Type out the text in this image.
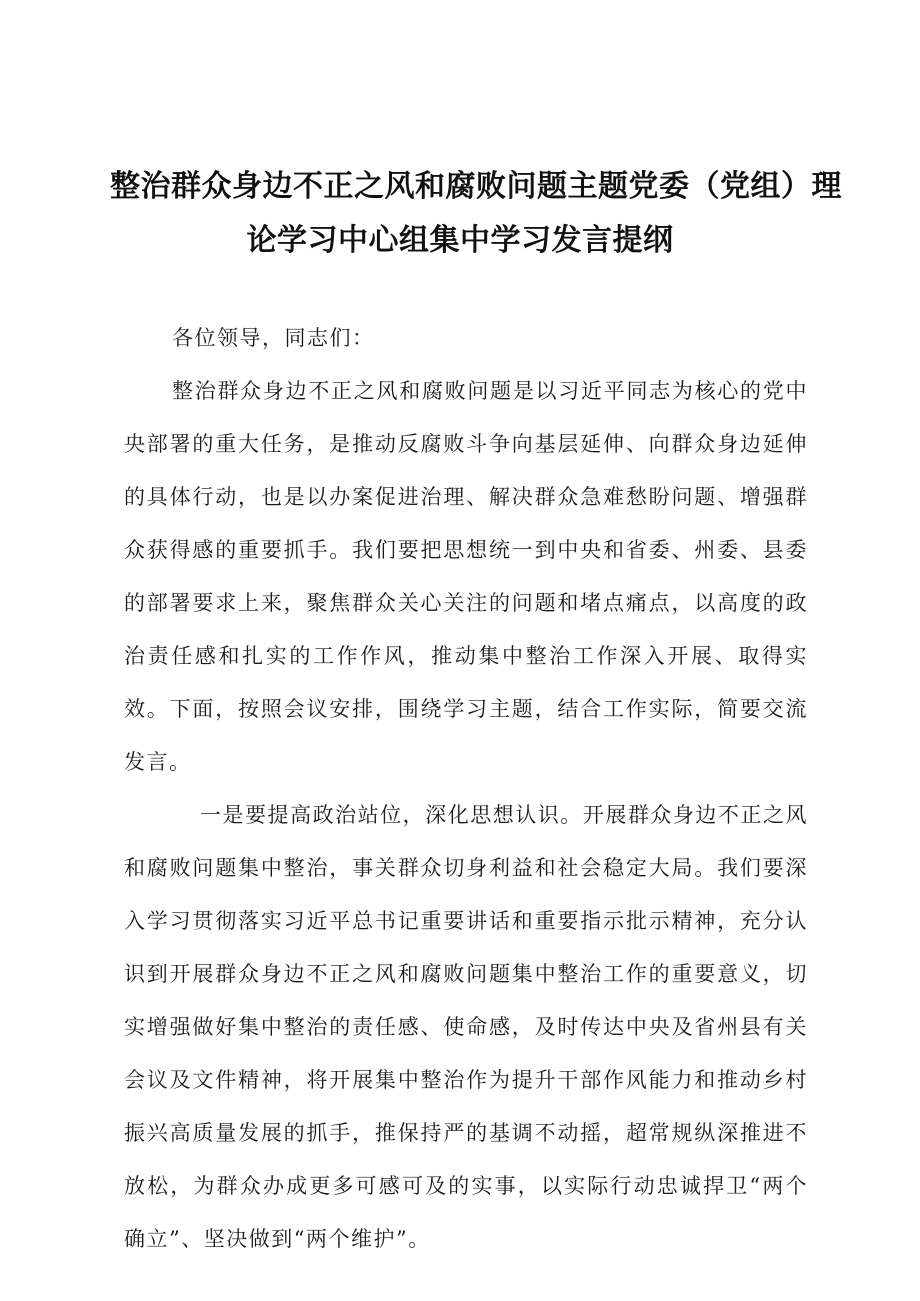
整治群众身边不正之风和腐败问题主题党委（党组）理
论学习中心组集中学习发言提纲

各位领导，同志们：

整治群众身边不正之风和腐败问题是以习近平同志为核心的党中央部署的重大任务，是推动反腐败斗争向基层延伸、向群众身边延伸的具体行动，也是以办案促进治理、解决群众急难愁盼问题、增强群众获得感的重要抓手。我们要把思想统一到中央和省委、州委、县委的部署要求上来，聚焦群众关心关注的问题和堵点痛点，以高度的政治责任感和扎实的工作作风，推动集中整治工作深入开展、取得实效。下面，按照会议安排，围绕学习主题，结合工作实际，简要交流发言。

一是要提高政治站位，深化思想认识。开展群众身边不正之风和腐败问题集中整治，事关群众切身利益和社会稳定大局。我们要深入学习贯彻落实习近平总书记重要讲话和重要指示批示精神，充分认识到开展群众身边不正之风和腐败问题集中整治工作的重要意义，切实增强做好集中整治的责任感、使命感，及时传达中央及省州县有关会议及文件精神，将开展集中整治作为提升干部作风能力和推动乡村振兴高质量发展的抓手，推保持严的基调不动摇，超常规纵深推进不放松，为群众办成更多可感可及的实事，以实际行动忠诚捍卫“两个确立”、坚决做到“两个维护”。
